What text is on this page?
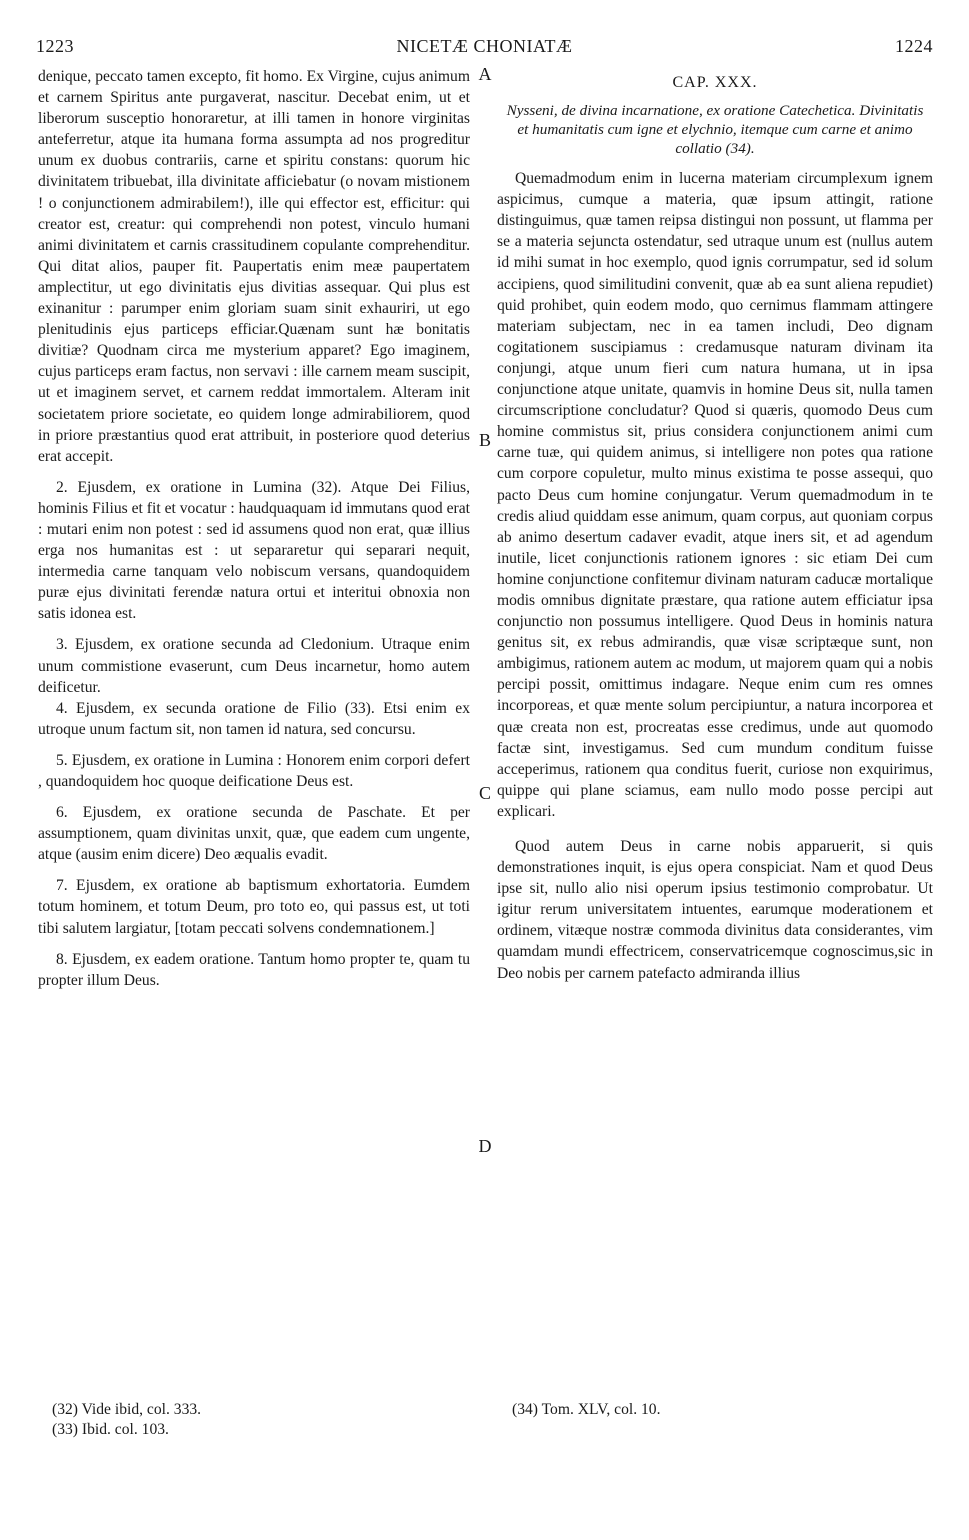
1223	NICETÆ CHONIATÆ	1224
A
B
C
D

denique, peccato tamen excepto, fit homo. Ex Virgine, cujus animum et carnem Spiritus ante purgaverat, nascitur. Decebat enim, ut et liberorum susceptio honoraretur, at illi tamen in honore virginitas anteferretur, atque ita humana forma assumpta ad nos progreditur unum ex duobus contrariis, carne et spiritu constans: quorum hic divinitatem tribuebat, illa divinitate afficiebatur (o novam mistionem ! o conjunctionem admirabilem!), ille qui effector est, efficitur: qui creator est, creatur: qui comprehendi non potest, vinculo humani animi divinitatem et carnis crassitudinem copulante comprehenditur. Qui ditat alios, pauper fit. Paupertatis enim meæ paupertatem amplectitur, ut ego divinitatis ejus divitias assequar. Qui plus est exinanitur : parumper enim gloriam suam sinit exhauriri, ut ego plenitudinis ejus particeps efficiar.Quænam sunt hæ bonitatis divitiæ? Quodnam circa me mysterium apparet? Ego imaginem, cujus particeps eram factus, non servavi : ille carnem meam suscipit, ut et imaginem servet, et carnem reddat immortalem. Alteram init societatem priore societate, eo quidem longe admirabiliorem, quod in priore præstantius quod erat attribuit, in posteriore quod deterius erat accepit.

2. Ejusdem, ex oratione in Lumina (32). Atque Dei Filius, hominis Filius et fit et vocatur : haudquaquam id immutans quod erat : mutari enim non potest : sed id assumens quod non erat, quæ illius erga nos humanitas est : ut separaretur qui separari nequit, intermedia carne tanquam velo nobiscum versans, quandoquidem puræ ejus divinitati ferendæ natura ortui et interitui obnoxia non satis idonea est.

3. Ejusdem, ex oratione secunda ad Cledonium. Utraque enim unum commistione evaserunt, cum Deus incarnetur, homo autem deificetur.

4. Ejusdem, ex secunda oratione de Filio (33). Etsi enim ex utroque unum factum sit, non tamen id natura, sed concursu.

5. Ejusdem, ex oratione in Lumina : Honorem enim corpori defert , quandoquidem hoc quoque deificatione Deus est.

6. Ejusdem, ex oratione secunda de Paschate. Et per assumptionem, quam divinitas unxit, quæ, que eadem cum ungente, atque (ausim enim dicere) Deo æqualis evadit.

7. Ejusdem, ex oratione ab baptismum exhortatoria. Eumdem totum hominem, et totum Deum, pro toto eo, qui passus est, ut toti tibi salutem largiatur, [totam peccati solvens condemnationem.]

8. Ejusdem, ex eadem oratione. Tantum homo propter te, quam tu propter illum Deus.

CAP. XXX.

Nysseni, de divina incarnatione, ex oratione Catechetica. Divinitatis et humanitatis cum igne et elychnio, itemque cum carne et animo collatio (34).

Quemadmodum enim in lucerna materiam circumplexum ignem aspicimus, cumque a materia, quæ ipsum attingit, ratione distinguimus, quæ tamen reipsa distingui non possunt, ut flamma per se a materia sejuncta ostendatur, sed utraque unum est (nullus autem id mihi sumat in hoc exemplo, quod ignis corrumpatur, sed id solum accipiens, quod similitudini convenit, quæ ab ea sunt aliena repudiet) quid prohibet, quin eodem modo, quo cernimus flammam attingere materiam subjectam, nec in ea tamen includi, Deo dignam cogitationem suscipiamus : credamusque naturam divinam ita conjungi, atque unum fieri cum natura humana, ut in ipsa conjunctione atque unitate, quamvis in homine Deus sit, nulla tamen circumscriptione concludatur? Quod si quæris, quomodo Deus cum homine commistus sit, prius considera conjunctionem animi cum carne tuæ, qui quidem animus, si intelligere non potes qua ratione cum corpore copuletur, multo minus existima te posse assequi, quo pacto Deus cum homine conjungatur. Verum quemadmodum in te credis aliud quiddam esse animum, quam corpus, aut quoniam corpus ab animo desertum cadaver evadit, atque iners sit, et ad agendum inutile, licet conjunctionis rationem ignores : sic etiam Dei cum homine conjunctione confitemur divinam naturam caducæ mortalique modis omnibus dignitate præstare, qua ratione autem efficiatur ipsa conjunctio non possumus intelligere. Quod Deus in hominis natura genitus sit, ex rebus admirandis, quæ visæ scriptæque sunt, non ambigimus, rationem autem ac modum, ut majorem quam qui a nobis percipi possit, omittimus indagare. Neque enim cum res omnes incorporeas, et quæ mente solum percipiuntur, a natura incorporea et quæ creata non est, procreatas esse credimus, unde aut quomodo factæ sint, investigamus. Sed cum mundum conditum fuisse acceperimus, rationem qua conditus fuerit, curiose non exquirimus, quippe qui plane sciamus, eam nullo modo posse percipi aut explicari.

Quod autem Deus in carne nobis apparuerit, si quis demonstrationes inquit, is ejus opera conspiciat. Nam et quod Deus ipse sit, nullo alio nisi operum ipsius testimonio comprobatur. Ut igitur rerum universitatem intuentes, earumque moderationem et ordinem, vitæque nostræ commoda divinitus data considerantes, vim quamdam mundi effectricem, conservatricemque cognoscimus,sic in Deo nobis per carnem patefacto admiranda illius

(32) Vide ibid, col. 333.
(33) Ibid. col. 103.
(34) Tom. XLV, col. 10.
